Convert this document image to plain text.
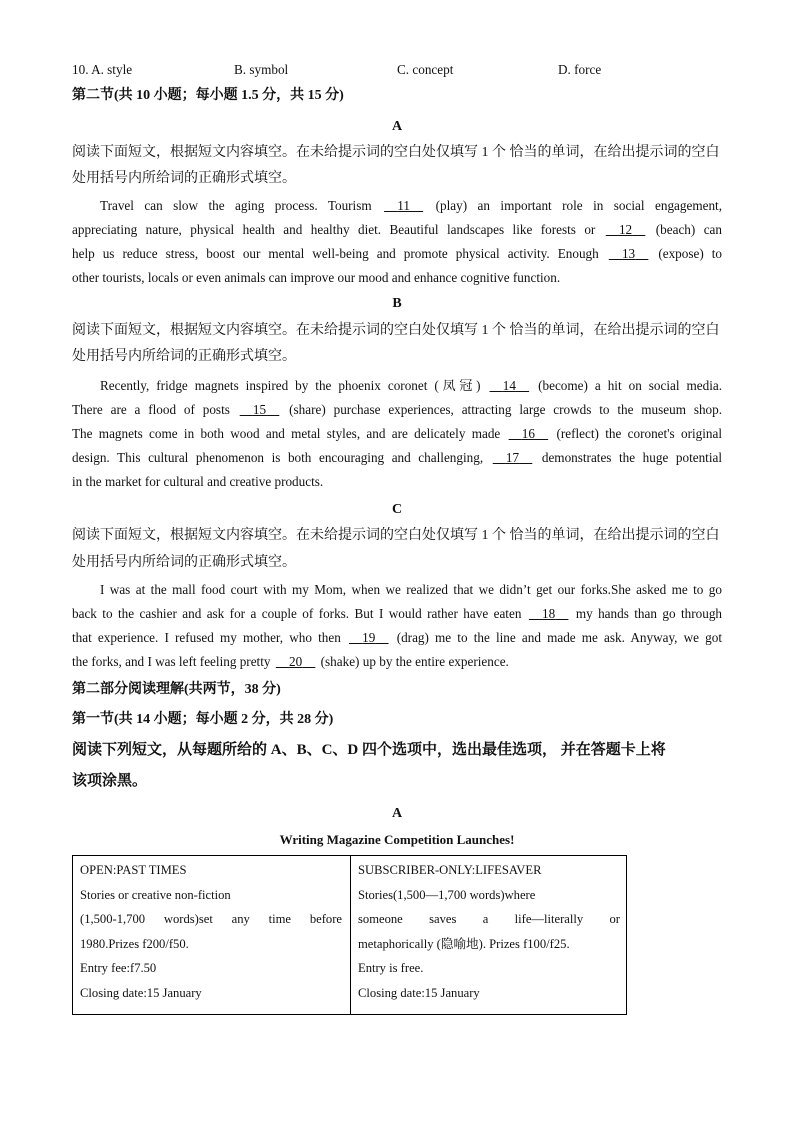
10. A. style	B. symbol	C. concept	D. force
第二节(共 10 小题；每小题 1.5 分，共 15 分)
A
阅读下面短文，根据短文内容填空。在未给提示词的空白处仅填写 1 个 恰当的单词，在给出提示词的空白
处用括号内所给词的正确形式填空。
Travel can slow the aging process. Tourism 11 (play) an important role in social engagement,
appreciating nature, physical health and healthy diet. Beautiful landscapes like forests or 12 (beach) can
help us reduce stress, boost our mental well-being and promote physical activity. Enough 13 (expose) to
other tourists, locals or even animals can improve our mood and enhance cognitive function.
B
阅读下面短文，根据短文内容填空。在未给提示词的空白处仅填写 1 个 恰当的单词，在给出提示词的空白
处用括号内所给词的正确形式填空。
Recently, fridge magnets inspired by the phoenix coronet (凤冠) 14 (become) a hit on social media.
There are a flood of posts 15 (share) purchase experiences, attracting large crowds to the museum shop.
The magnets come in both wood and metal styles, and are delicately made 16 (reflect) the coronet's original
design. This cultural phenomenon is both encouraging and challenging, 17 demonstrates the huge potential
in the market for cultural and creative products.
C
阅读下面短文，根据短文内容填空。在未给提示词的空白处仅填写 1 个 恰当的单词，在给出提示词的空白
处用括号内所给词的正确形式填空。
I was at the mall food court with my Mom, when we realized that we didn’t get our forks.She asked me to go
back to the cashier and ask for a couple of forks. But I would rather have eaten 18 my hands than go through
that experience. I refused my mother, who then 19 (drag) me to the line and made me ask. Anyway, we got
the forks, and I was left feeling pretty 20 (shake) up by the entire experience.
第二部分阅读理解(共两节，38 分)
第一节(共 14 小题；每小题 2 分，共 28 分)
阅读下列短文，从每题所给的 A、B、C、D 四个选项中，选出最佳选项， 并在答题卡上将
该项涂黑。
A
Writing Magazine Competition Launches!
OPEN:PAST TIMES
Stories or creative non-fiction
(1,500-1,700 words)set any time before
1980.Prizes f200/f50.
Entry fee:f7.50
Closing date:15 January
SUBSCRIBER-ONLY:LIFESAVER
Stories(1,500—1,700 words)where
someone saves a life—literally or
metaphorically (隐喻地). Prizes f100/f25.
Entry is free.
Closing date:15 January
